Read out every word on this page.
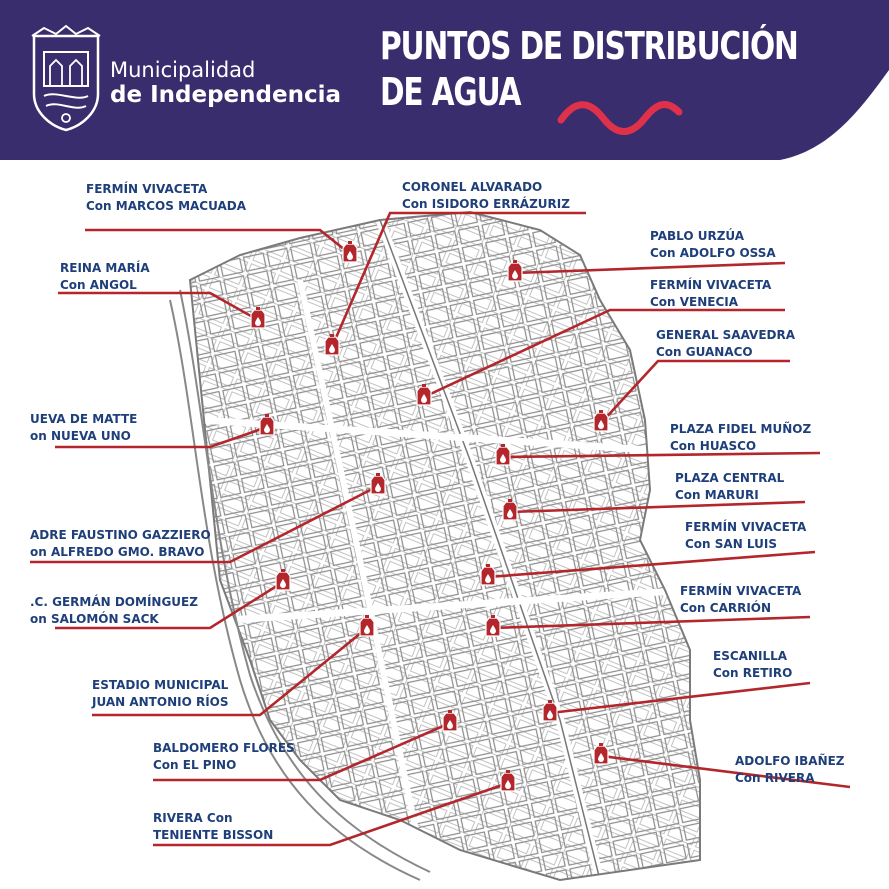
Municipalidad
de Independencia
PUNTOS DE DISTRIBUCIÓN
DE AGUA
FERMÍN VIVACETA
Con MARCOS MACUADA
CORONEL ALVARADO
Con ISIDORO ERRÁZURIZ
PABLO URZÚA
Con ADOLFO OSSA
REINA MARÍA
Con ANGOL	FERMÍN VIVACETA
Con VENECIA
GENERAL SAAVEDRA
Con GUANACO
UEVA DE MATTE
on NUEVA UNO	PLAZA FIDEL MUÑOZ
Con HUASCO
PLAZA CENTRAL
Con MARURI
ADRE FAUSTINO GAZZIERO
on ALFREDO GMO. BRAVO
FERMÍN VIVACETA
Con SAN LUIS
.C. GERMÁN DOMÍNGUEZ
on SALOMÓN SACK
FERMÍN VIVACETA
Con CARRIÓN
ESTADIO MUNICIPAL
JUAN ANTONIO RÍOS
ESCANILLA
Con RETIRO
BALDOMERO FLORES
Con EL PINO	ADOLFO IBAÑEZ
Con RIVERA
RIVERA Con
TENIENTE BISSON
